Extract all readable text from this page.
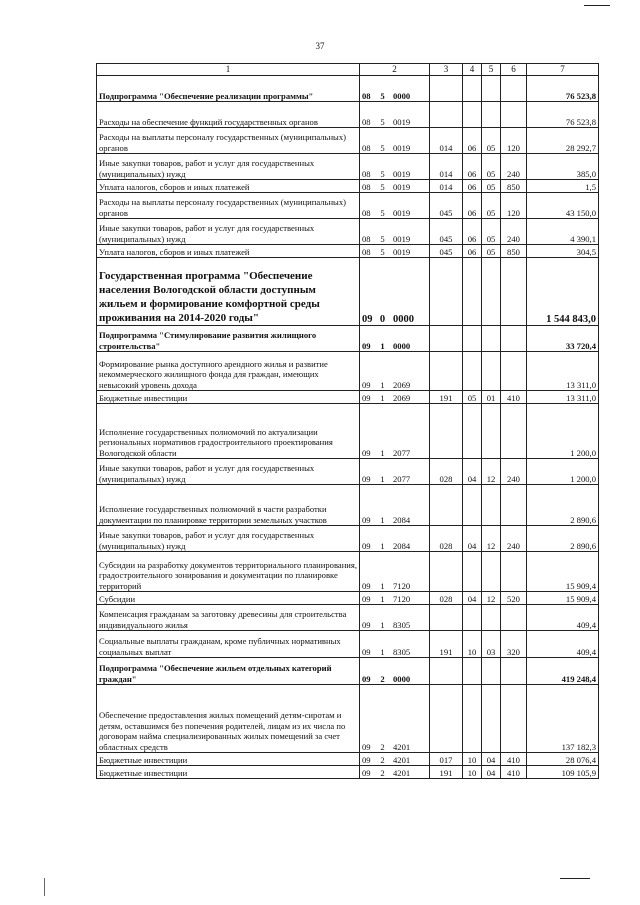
37
1	2	3	4	5	6	7
Подпрограмма "Обеспечение реализации программы"	08 5 0000					76 523,8
Расходы на обеспечение функций государственных органов	08 5 0019					76 523,8
Расходы на выплаты персоналу государственных (муниципальных) органов	08 5 0019	014	06	05	120	28 292,7
Иные закупки товаров, работ и услуг для государственных (муниципальных) нужд	08 5 0019	014	06	05	240	385,0
Уплата налогов, сборов и иных платежей	08 5 0019	014	06	05	850	1,5
Расходы на выплаты персоналу государственных (муниципальных) органов	08 5 0019	045	06	05	120	43 150,0
Иные закупки товаров, работ и услуг для государственных (муниципальных) нужд	08 5 0019	045	06	05	240	4 390,1
Уплата налогов, сборов и иных платежей	08 5 0019	045	06	05	850	304,5
Государственная программа "Обеспечение населения Вологодской области доступным жильем и формирование комфортной среды проживания на 2014-2020 годы"	09 0 0000					1 544 843,0
Подпрограмма "Стимулирование развития жилищного строительства"	09 1 0000					33 720,4
Формирование рынка доступного арендного жилья и развитие некоммерческого жилищного фонда для граждан, имеющих невысокий уровень дохода	09 1 2069					13 311,0
Бюджетные инвестиции	09 1 2069	191	05	01	410	13 311,0
Исполнение государственных полномочий по актуализации региональных нормативов градостроительного проектирования Вологодской области	09 1 2077					1 200,0
Иные закупки товаров, работ и услуг для государственных (муниципальных) нужд	09 1 2077	028	04	12	240	1 200,0
Исполнение государственных полномочий в части разработки документации по планировке территории земельных участков	09 1 2084					2 890,6
Иные закупки товаров, работ и услуг для государственных (муниципальных) нужд	09 1 2084	028	04	12	240	2 890,6
Субсидии на разработку документов территориального планирования, градостроительного зонирования и документации по планировке территорий	09 1 7120					15 909,4
Субсидии	09 1 7120	028	04	12	520	15 909,4
Компенсация гражданам за заготовку древесины для строительства индивидуального жилья	09 1 8305					409,4
Социальные выплаты гражданам, кроме публичных нормативных социальных выплат	09 1 8305	191	10	03	320	409,4
Подпрограмма "Обеспечение жильем отдельных категорий граждан"	09 2 0000					419 248,4
Обеспечение предоставления жилых помещений детям-сиротам и детям, оставшимся без попечения родителей, лицам из их числа по договорам найма специализированных жилых помещений за счет областных средств	09 2 4201					137 182,3
Бюджетные инвестиции	09 2 4201	017	10	04	410	28 076,4
Бюджетные инвестиции	09 2 4201	191	10	04	410	109 105,9
